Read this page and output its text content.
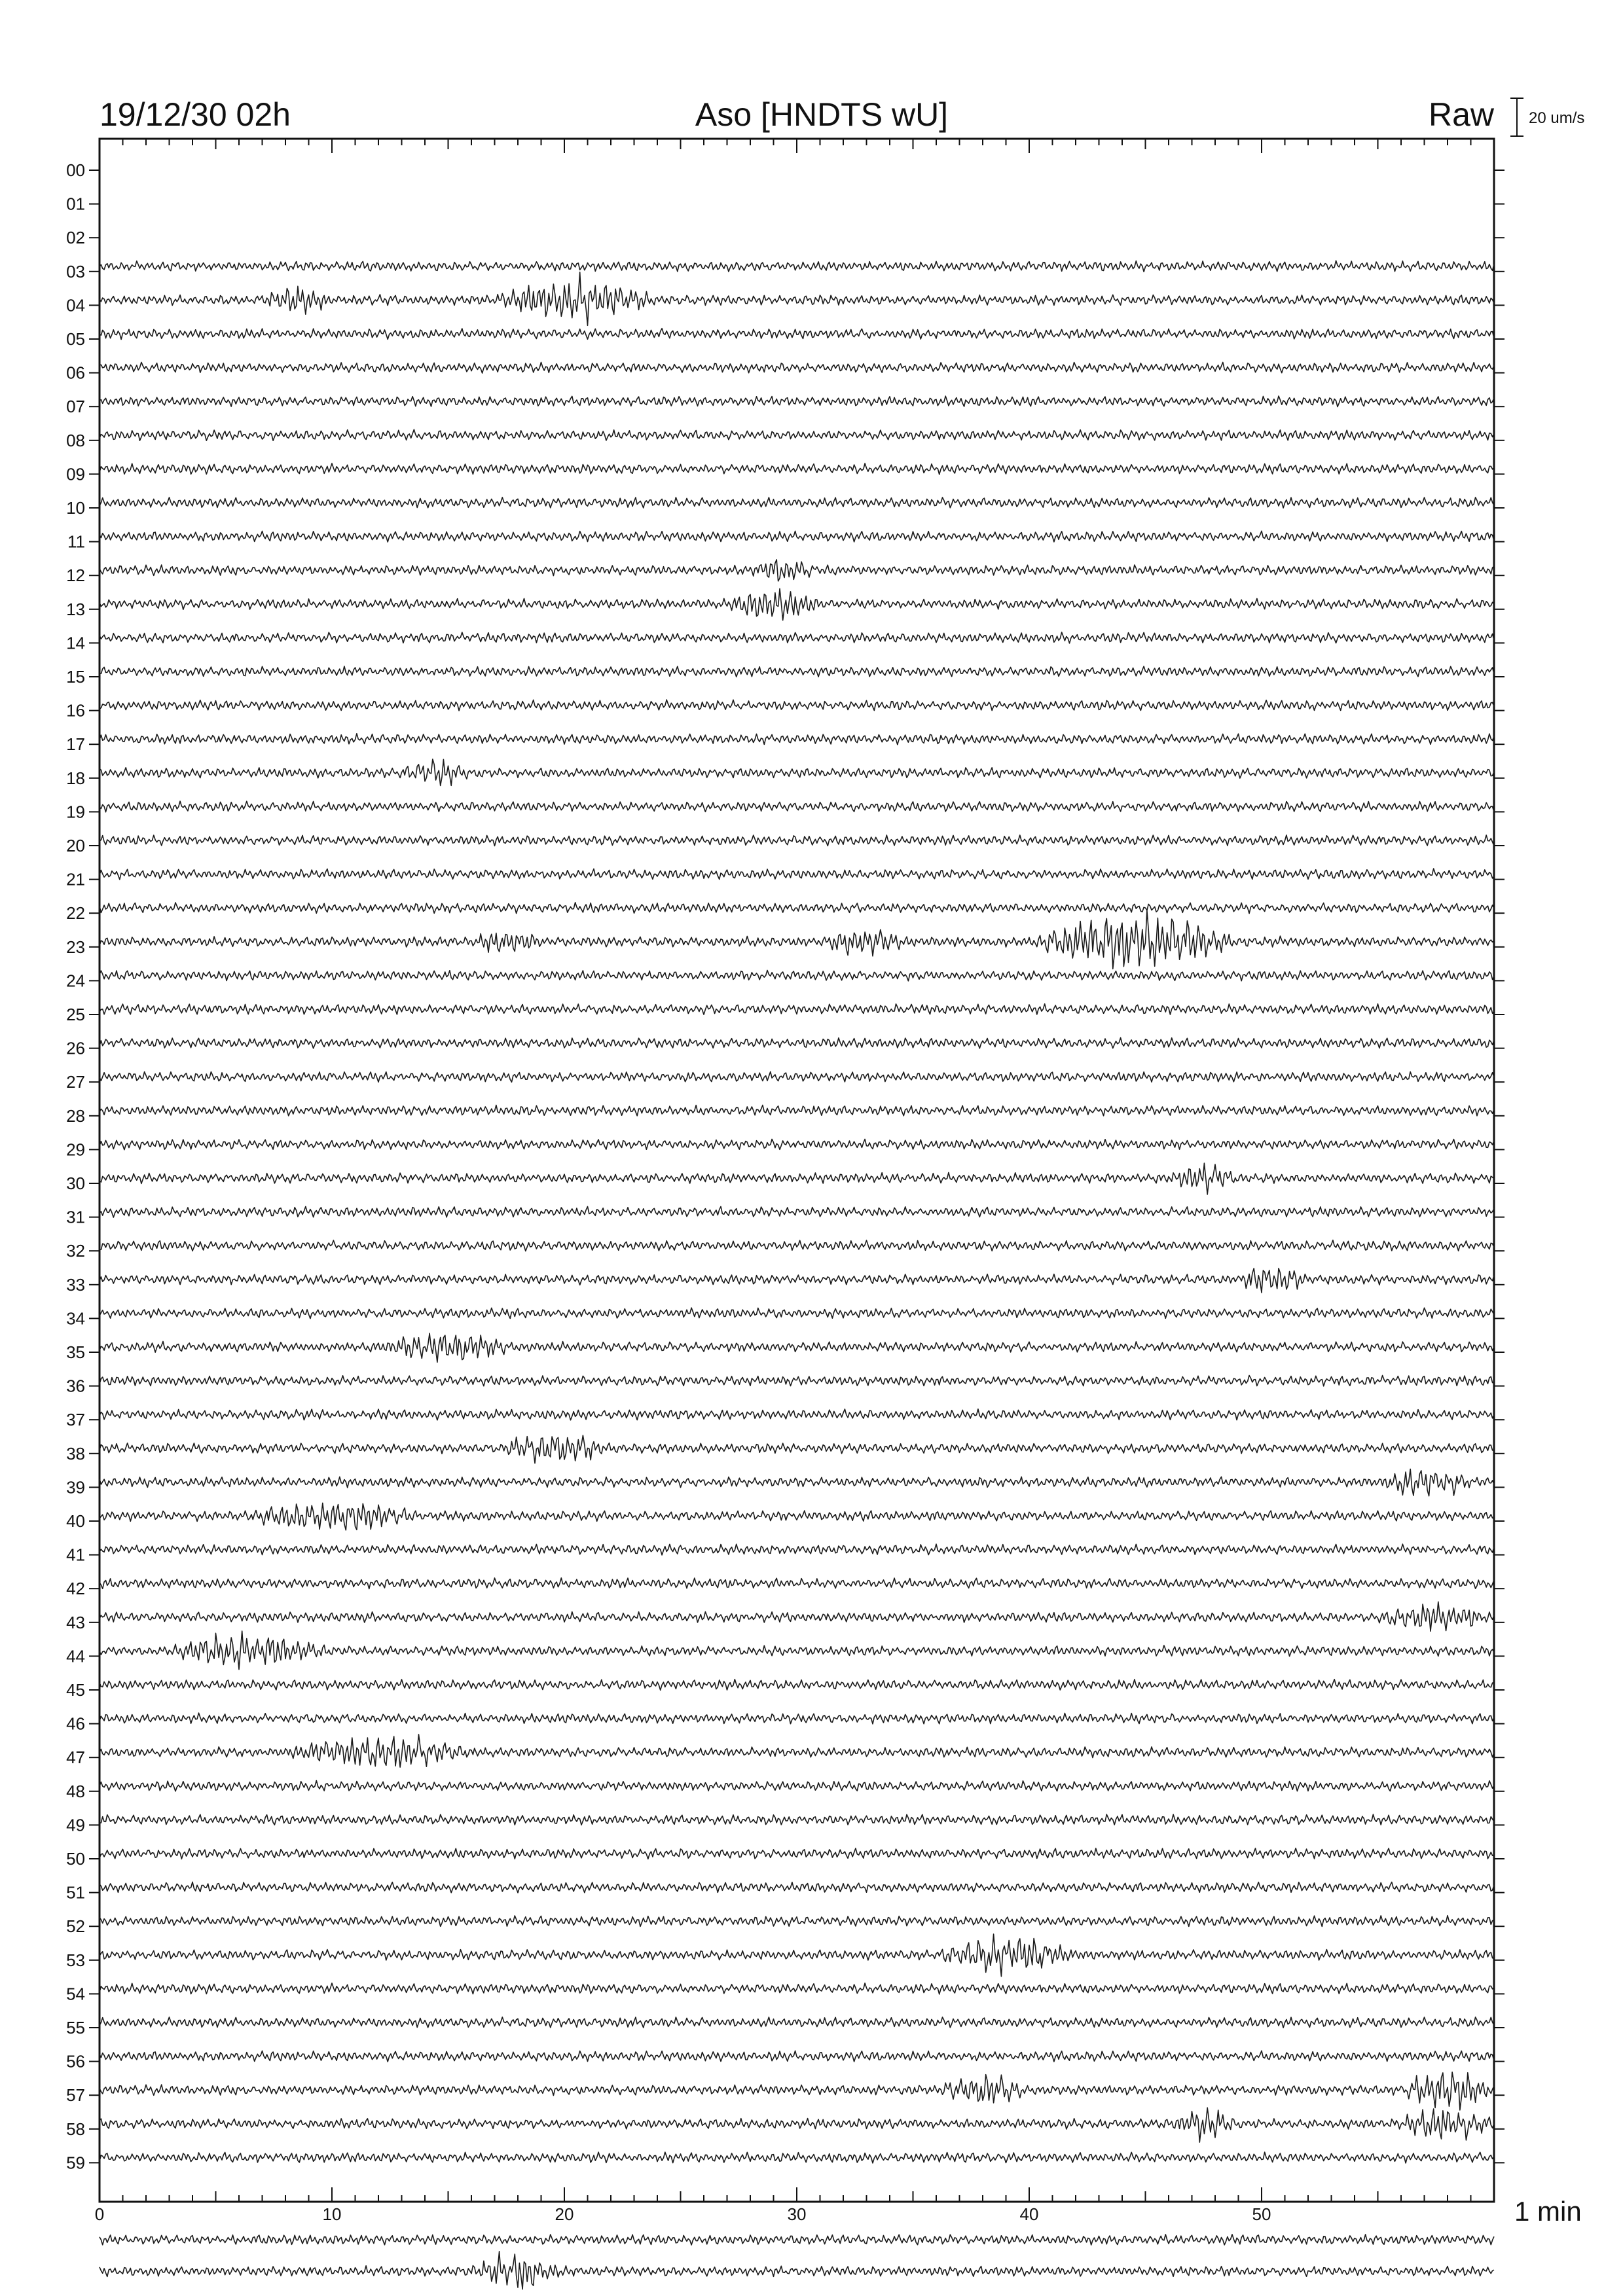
19/12/30 02h	Aso [HNDTS wU]	Raw 20 um/s
00
01
02
03
04
05
06
07
08
09
10
11
12
13
14
15
16
17
18
19
20
21
22
23
24
25
26
27
28
29
30
31
32
33
34
35
36
37
38
39
40
41
42
43
44
45
46
47
48
49
50
51
52
53
54
55
56
57
58
59
0	10	20	30	40	50	1 min
